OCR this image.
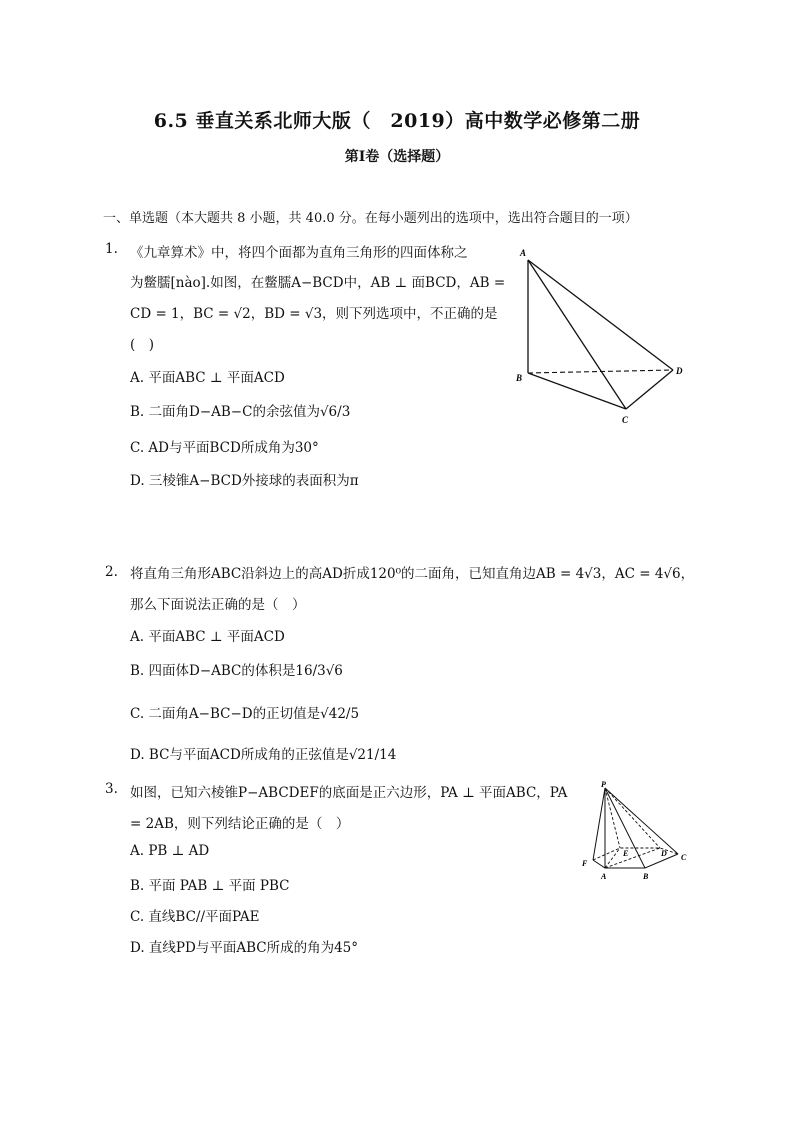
6.5 垂直关系北师大版（　2019）高中数学必修第二册
第I卷（选择题）
一、单选题（本大题共 8 小题，共 40.0 分。在每小题列出的选项中，选出符合题目的一项）
1. 《九章算术》中，将四个面都为直角三角形的四面体称之
为鳖臑[nào].如图，在鳖臑A−BCD中，AB ⊥ 面BCD，AB =
CD = 1，BC = √2，BD = √3，则下列选项中，不正确的是
(　)
A. 平面ABC ⊥ 平面ACD
B. 二面角D−AB−C的余弦值为√6/3
C. AD与平面BCD所成角为30°
D. 三棱锥A−BCD外接球的表面积为π
A
B
C
D
2. 将直角三角形ABC沿斜边上的高AD折成120⁰的二面角，已知直角边AB = 4√3，AC = 4√6，
那么下面说法正确的是（　）
A. 平面ABC ⊥ 平面ACD
B. 四面体D−ABC的体积是16/3√6
C. 二面角A−BC−D的正切值是√42/5
D. BC与平面ACD所成角的正弦值是√21/14
3. 如图，已知六棱锥P−ABCDEF的底面是正六边形，PA ⊥ 平面ABC，PA
= 2AB，则下列结论正确的是（　）
A. PB ⊥ AD
B. 平面 PAB ⊥ 平面 PBC
C. 直线BC//平面PAE
D. 直线PD与平面ABC所成的角为45°
P
A	B
C
D
E
F
